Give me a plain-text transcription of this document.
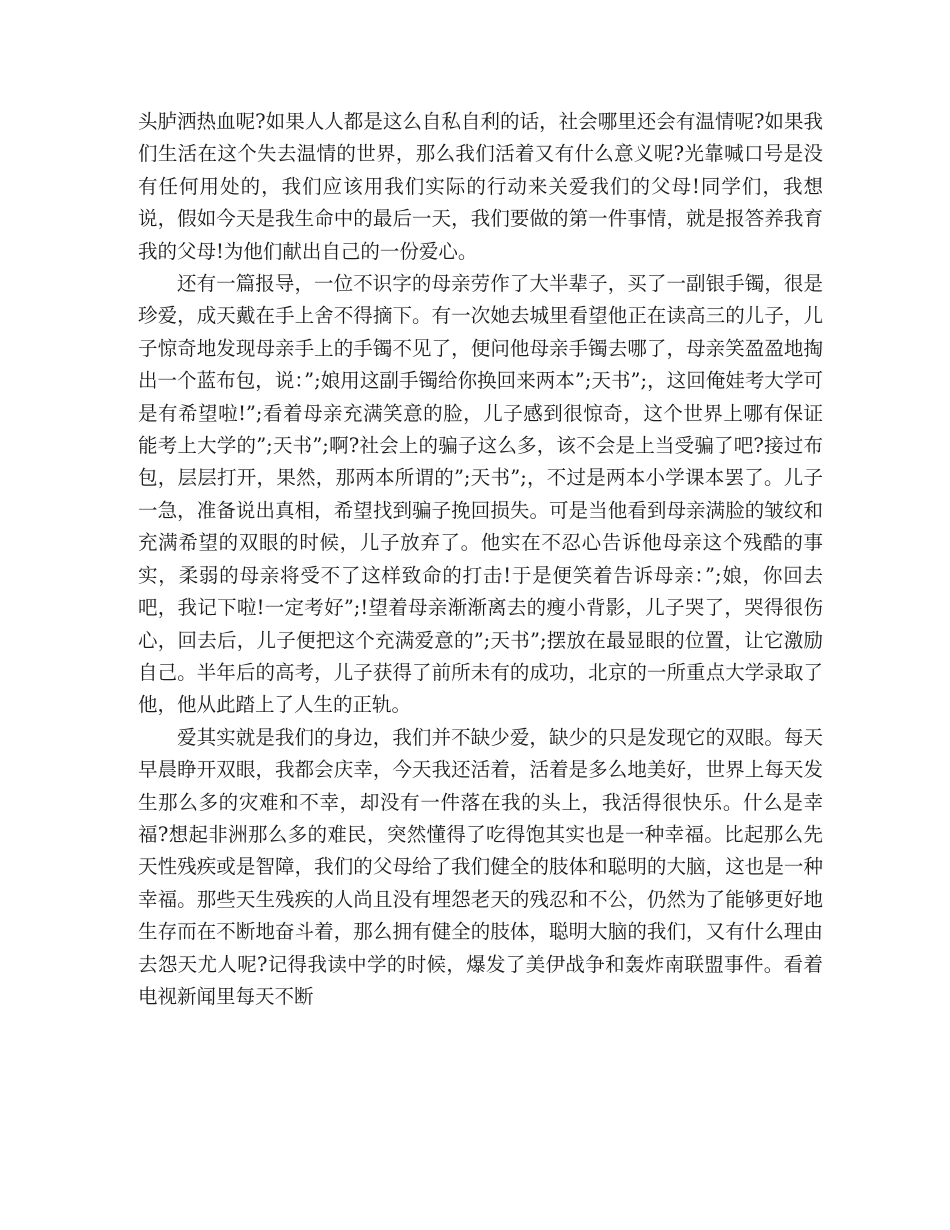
头胪洒热血呢?如果人人都是这么自私自利的话，社会哪里还会有温情呢?如果我们生活在这个失去温情的世界，那么我们活着又有什么意义呢?光靠喊口号是没有任何用处的，我们应该用我们实际的行动来关爱我们的父母!同学们，我想说，假如今天是我生命中的最后一天，我们要做的第一件事情，就是报答养我育我的父母!为他们献出自己的一份爱心。

还有一篇报导，一位不识字的母亲劳作了大半辈子，买了一副银手镯，很是珍爱，成天戴在手上舍不得摘下。有一次她去城里看望他正在读高三的儿子，儿子惊奇地发现母亲手上的手镯不见了，便问他母亲手镯去哪了，母亲笑盈盈地掏出一个蓝布包，说：”;娘用这副手镯给你换回来两本”;天书”;，这回俺娃考大学可是有希望啦!”;看着母亲充满笑意的脸，儿子感到很惊奇，这个世界上哪有保证能考上大学的”;天书”;啊?社会上的骗子这么多，该不会是上当受骗了吧?接过布包，层层打开，果然，那两本所谓的”;天书”;，不过是两本小学课本罢了。儿子一急，准备说出真相，希望找到骗子挽回损失。可是当他看到母亲满脸的皱纹和充满希望的双眼的时候，儿子放弃了。他实在不忍心告诉他母亲这个残酷的事实，柔弱的母亲将受不了这样致命的打击!于是便笑着告诉母亲：”;娘，你回去吧，我记下啦!一定考好”;!望着母亲渐渐离去的瘦小背影，儿子哭了，哭得很伤心，回去后，儿子便把这个充满爱意的”;天书”;摆放在最显眼的位置，让它激励自己。半年后的高考，儿子获得了前所未有的成功，北京的一所重点大学录取了他，他从此踏上了人生的正轨。

爱其实就是我们的身边，我们并不缺少爱，缺少的只是发现它的双眼。每天早晨睁开双眼，我都会庆幸，今天我还活着，活着是多么地美好，世界上每天发生那么多的灾难和不幸，却没有一件落在我的头上，我活得很快乐。什么是幸福?想起非洲那么多的难民，突然懂得了吃得饱其实也是一种幸福。比起那么先天性残疾或是智障，我们的父母给了我们健全的肢体和聪明的大脑，这也是一种幸福。那些天生残疾的人尚且没有埋怨老天的残忍和不公，仍然为了能够更好地生存而在不断地奋斗着，那么拥有健全的肢体，聪明大脑的我们，又有什么理由去怨天尤人呢?记得我读中学的时候，爆发了美伊战争和轰炸南联盟事件。看着电视新闻里每天不断
